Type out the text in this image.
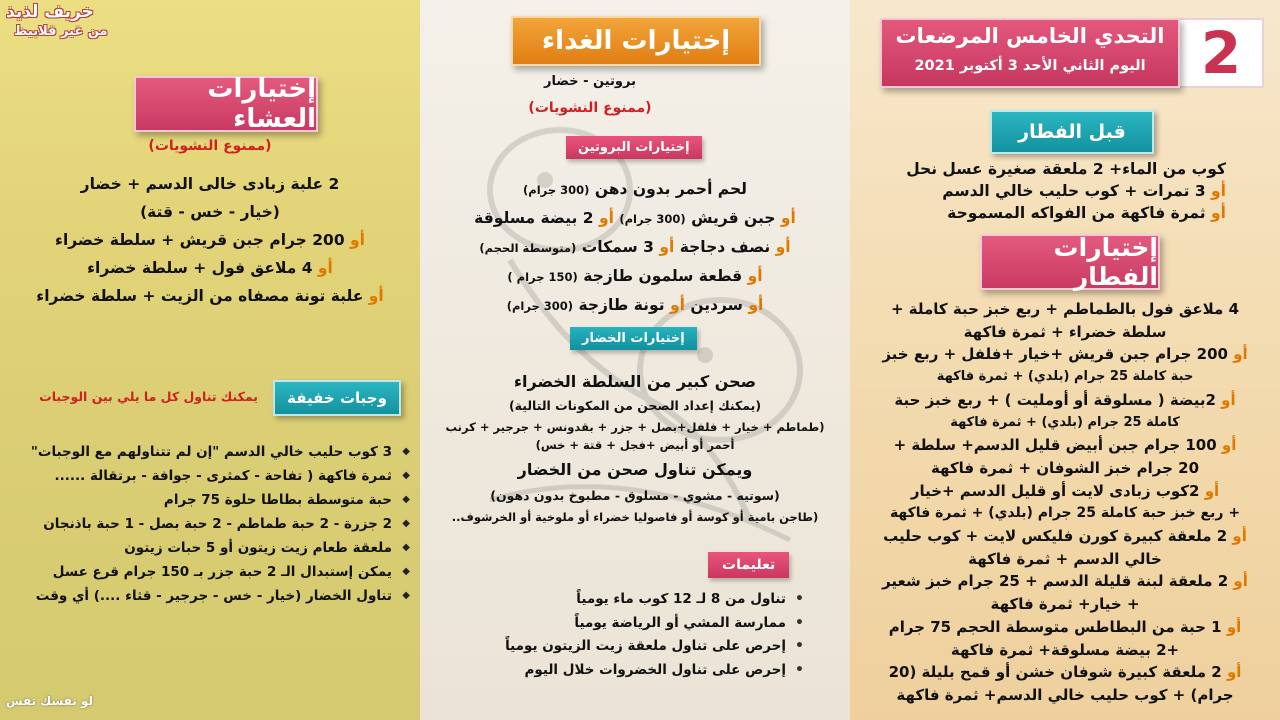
خريف لذيذ
من غير قلابيظ
إختيارات العشاء
(ممنوع النشويات)
2 علبة زبادى خالى الدسم + خضار
(خيار - خس - قتة)
أو 200 جرام جبن قريش + سلطة خضراء
أو 4 ملاعق فول + سلطة خضراء
أو علبة تونة مصفاه من الزيت + سلطة خضراء
وجبات خفيفة
يمكنك تناول كل ما يلي بين الوجبات
◆ 3 كوب حليب خالي الدسم "إن لم تتناولهم مع الوجبات"
◆ ثمرة فاكهة ( تفاحة - كمثرى - جوافة - برتقالة ......
◆ حبة متوسطة بطاطا حلوة 75 جرام
◆ 2 جزرة - 2 حبة طماطم - 2 حبة بصل - 1 حبة باذنجان
◆ ملعقة طعام زيت زيتون أو 5 حبات زيتون
◆ يمكن إستبدال الـ 2 حبة جزر بـ 150 جرام قرع عسل
◆ تناول الخضار (خيار - خس - جرجير - قثاء ....) أي وقت
لو نفسك تفس
إختيارات الغداء
بروتين - خضار
(ممنوع النشويات)
إختيارات البروتين
لحم أحمر بدون دهن (300 جرام)
أو جبن قريش (300 جرام) أو 2 بيضة مسلوقة
أو نصف دجاجة أو 3 سمكات (متوسطة الحجم)
أو قطعة سلمون طازجة (150 جرام )
أو سردين أو تونة طازجة (300 جرام)
إختيارات الخضار
صحن كبير من السلطة الخضراء
(يمكنك إعداد الصحن من المكونات التالية)
(طماطم + خيار + فلفل+بصل + جزر + بقدونس + جرجير + كرنب
أحمر أو أبيض +فجل + قتة + خس)
ويمكن تناول صحن من الخضار
(سوتيه - مشوي - مسلوق - مطبوخ بدون دهون)
(طاجن بامية أو كوسة أو فاصوليا خضراء أو ملوخية أو الخرشوف..
تعليمات
• تناول من 8 لـ 12 كوب ماء يومياً
• ممارسة المشي أو الرياضة يومياً
• إحرص على تناول ملعقة زيت الزيتون يومياً
• إحرص على تناول الخضروات خلال اليوم
2
التحدي الخامس المرضعات
اليوم الثاني الأحد 3 أكتوبر 2021
قبل الفطار
كوب من الماء+ 2 ملعقة صغيرة عسل نحل
أو 3 تمرات + كوب حليب خالي الدسم
أو ثمرة فاكهة من الفواكه المسموحة
إختيارات الفطار
4 ملاعق فول بالطماطم + ربع خبز حبة كاملة +
سلطة خضراء + ثمرة فاكهة
أو 200 جرام جبن قريش +خيار +فلفل + ربع خبز
حبة كاملة 25 جرام (بلدي) + ثمرة فاكهة
أو 2بيضة ( مسلوقة أو أومليت ) + ربع خبز حبة
كاملة 25 جرام (بلدي) + ثمرة فاكهة
أو 100 جرام جبن أبيض قليل الدسم+ سلطة +
20 جرام خبز الشوفان + ثمرة فاكهة
أو 2كوب زبادى لايت أو قليل الدسم +خيار
+ ربع خبز حبة كاملة 25 جرام (بلدي) + ثمرة فاكهة
أو 2 ملعقة كبيرة كورن فليكس لايت + كوب حليب
خالي الدسم + ثمرة فاكهة
أو 2 ملعقة لبنة قليلة الدسم + 25 جرام خبز شعير
+ خيار+ ثمرة فاكهة
أو 1 حبة من البطاطس متوسطة الحجم 75 جرام
+2 بيضة مسلوقة+ ثمرة فاكهة
أو 2 ملعقة كبيرة شوفان خشن أو قمح بليلة (20
جرام) + كوب حليب خالي الدسم+ ثمرة فاكهة
